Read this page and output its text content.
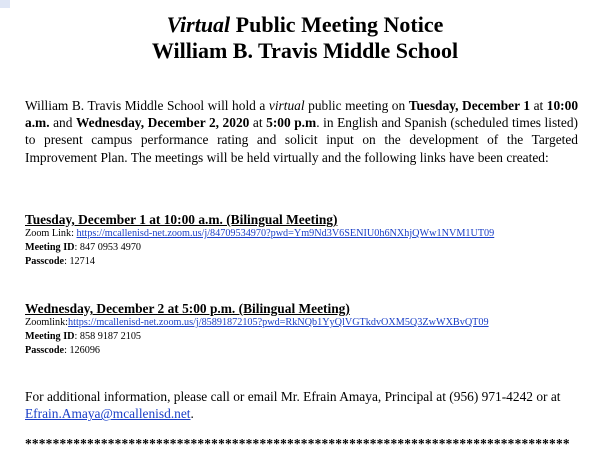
Virtual Public Meeting Notice
William B. Travis Middle School

William B. Travis Middle School will hold a virtual public meeting on Tuesday, December 1 at 10:00 a.m. and Wednesday, December 2, 2020 at 5:00 p.m. in English and Spanish (scheduled times listed) to present campus performance rating and solicit input on the development of the Targeted Improvement Plan. The meetings will be held virtually and the following links have been created:

Tuesday, December 1 at 10:00 a.m. (Bilingual Meeting)
Zoom Link: https://mcallenisd-net.zoom.us/j/84709534970?pwd=Ym9Nd3V6SENIU0h6NXhjQWw1NVM1UT09
Meeting ID: 847 0953 4970
Passcode: 12714
Wednesday, December 2 at 5:00 p.m. (Bilingual Meeting)
Zoomlink:https://mcallenisd-net.zoom.us/j/85891872105?pwd=RkNQb1YyQlVGTkdvOXM5Q3ZwWXBvQT09
Meeting ID: 858 9187 2105
Passcode: 126096

For additional information, please call or email Mr. Efrain Amaya, Principal at (956) 971-4242 or at Efrain.Amaya@mcallenisd.net.

*******************************************************************************
